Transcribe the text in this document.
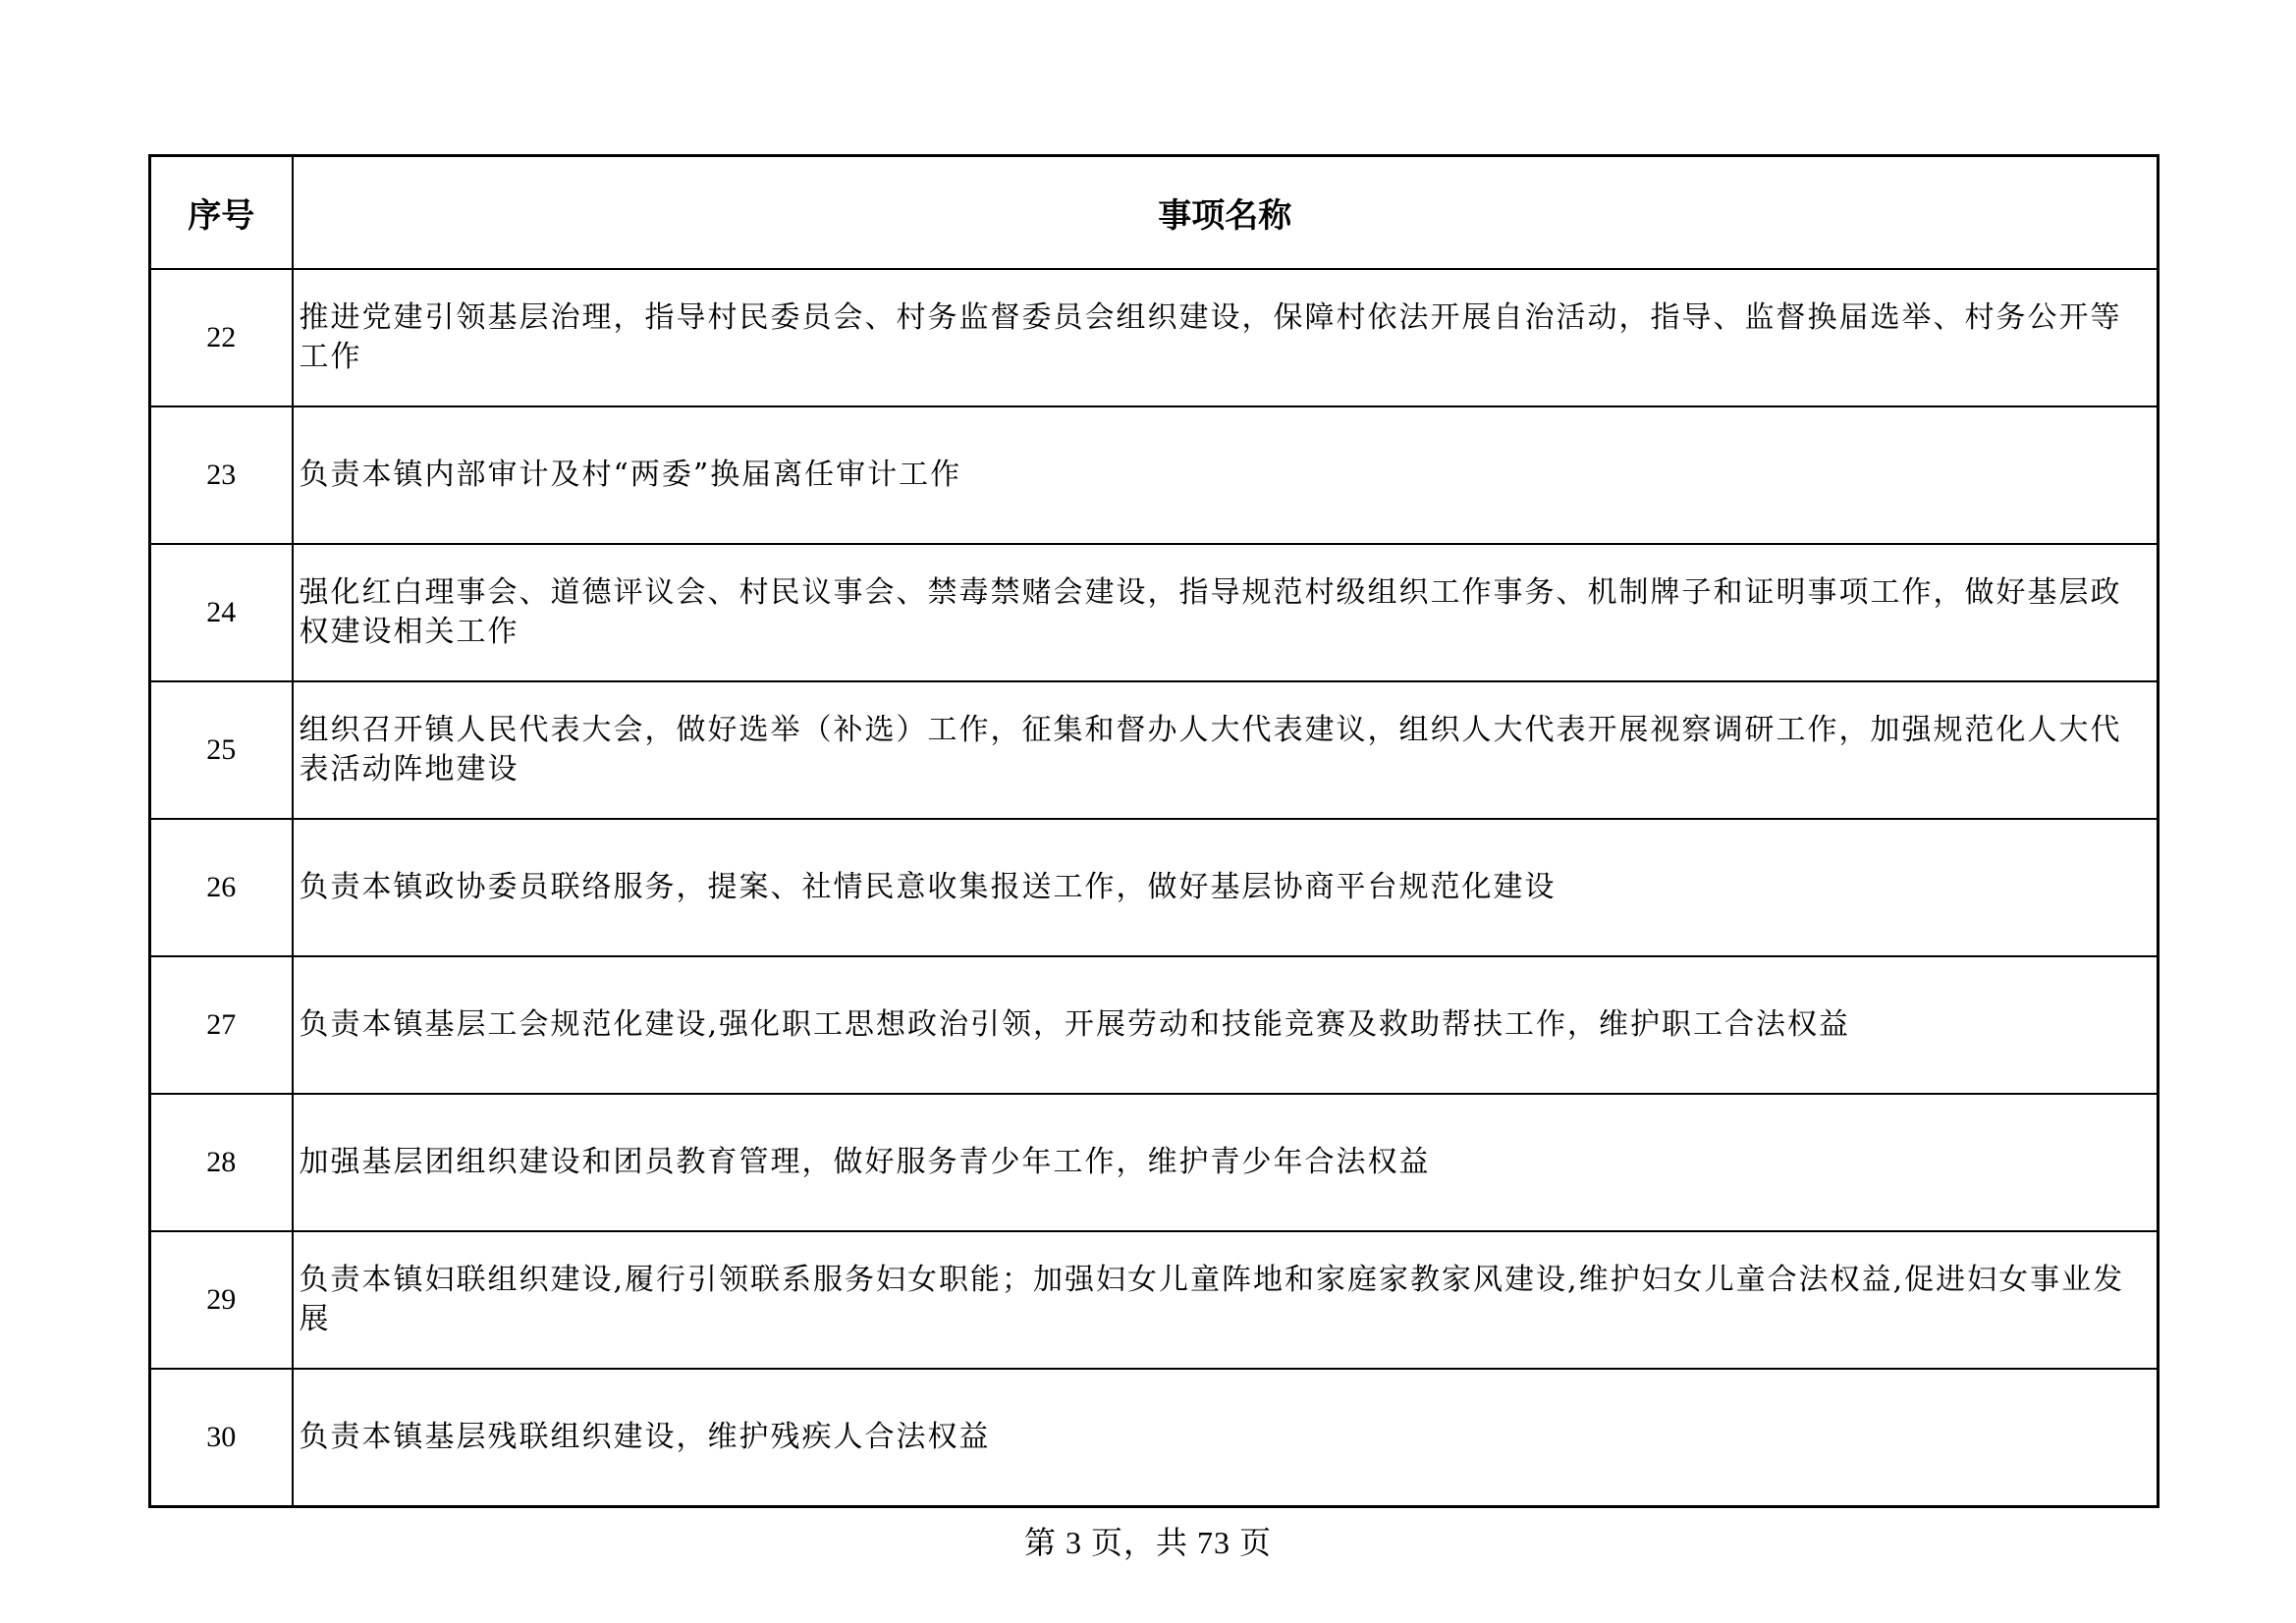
序号	事项名称
22	推进党建引领基层治理，指导村民委员会、村务监督委员会组织建设，保障村依法开展自治活动，指导、监督换届选举、村务公开等工作
23	负责本镇内部审计及村“两委”换届离任审计工作
24	强化红白理事会、道德评议会、村民议事会、禁毒禁赌会建设，指导规范村级组织工作事务、机制牌子和证明事项工作，做好基层政权建设相关工作
25	组织召开镇人民代表大会，做好选举（补选）工作，征集和督办人大代表建议，组织人大代表开展视察调研工作，加强规范化人大代表活动阵地建设
26	负责本镇政协委员联络服务，提案、社情民意收集报送工作，做好基层协商平台规范化建设
27	负责本镇基层工会规范化建设,强化职工思想政治引领，开展劳动和技能竞赛及救助帮扶工作，维护职工合法权益
28	加强基层团组织建设和团员教育管理，做好服务青少年工作，维护青少年合法权益
29	负责本镇妇联组织建设,履行引领联系服务妇女职能；加强妇女儿童阵地和家庭家教家风建设,维护妇女儿童合法权益,促进妇女事业发展
30	负责本镇基层残联组织建设，维护残疾人合法权益
第 3 页，共 73 页
